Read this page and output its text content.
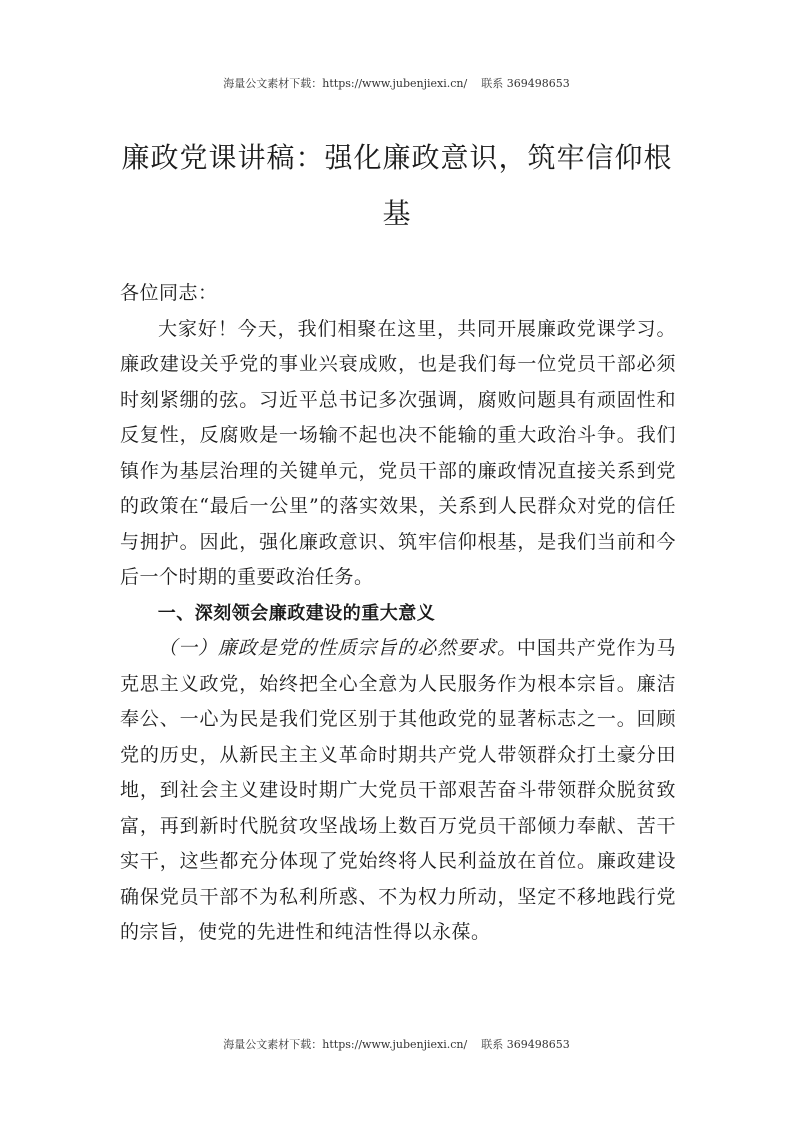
海量公文素材下载：https://www.jubenjiexi.cn/ 联系 369498653
廉政党课讲稿：强化廉政意识，筑牢信仰根基

各位同志：

大家好！今天，我们相聚在这里，共同开展廉政党课学习。廉政建设关乎党的事业兴衰成败，也是我们每一位党员干部必须时刻紧绷的弦。习近平总书记多次强调，腐败问题具有顽固性和反复性，反腐败是一场输不起也决不能输的重大政治斗争。我们镇作为基层治理的关键单元，党员干部的廉政情况直接关系到党的政策在“最后一公里”的落实效果，关系到人民群众对党的信任与拥护。因此，强化廉政意识、筑牢信仰根基，是我们当前和今后一个时期的重要政治任务。

一、深刻领会廉政建设的重大意义

（一）廉政是党的性质宗旨的必然要求。中国共产党作为马克思主义政党，始终把全心全意为人民服务作为根本宗旨。廉洁奉公、一心为民是我们党区别于其他政党的显著标志之一。回顾党的历史，从新民主主义革命时期共产党人带领群众打土豪分田地，到社会主义建设时期广大党员干部艰苦奋斗带领群众脱贫致富，再到新时代脱贫攻坚战场上数百万党员干部倾力奉献、苦干实干，这些都充分体现了党始终将人民利益放在首位。廉政建设确保党员干部不为私利所惑、不为权力所动，坚定不移地践行党的宗旨，使党的先进性和纯洁性得以永葆。

海量公文素材下载：https://www.jubenjiexi.cn/ 联系 369498653
